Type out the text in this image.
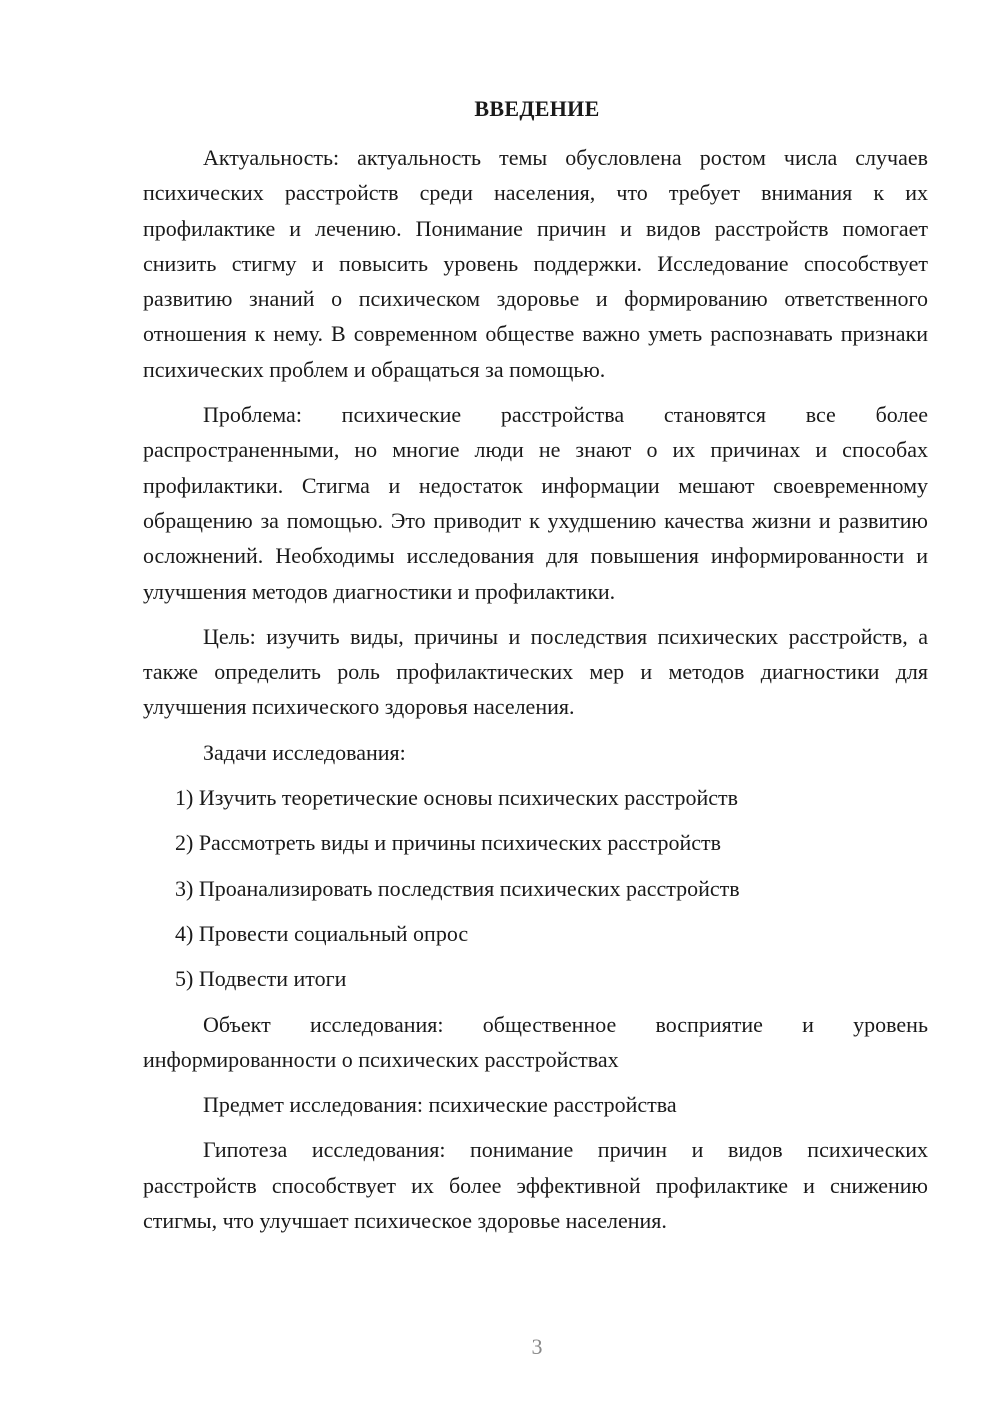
ВВЕДЕНИЕ

Актуальность: актуальность темы обусловлена ростом числа случаев психических расстройств среди населения, что требует внимания к их профилактике и лечению. Понимание причин и видов расстройств помогает снизить стигму и повысить уровень поддержки. Исследование способствует развитию знаний о психическом здоровье и формированию ответственного отношения к нему. В современном обществе важно уметь распознавать признаки психических проблем и обращаться за помощью.

Проблема: психические расстройства становятся все более распространенными, но многие люди не знают о их причинах и способах профилактики. Стигма и недостаток информации мешают своевременному обращению за помощью. Это приводит к ухудшению качества жизни и развитию осложнений. Необходимы исследования для повышения информированности и улучшения методов диагностики и профилактики.

Цель: изучить виды, причины и последствия психических расстройств, а также определить роль профилактических мер и методов диагностики для улучшения психического здоровья населения.

Задачи исследования:

1) Изучить теоретические основы психических расстройств

2) Рассмотреть виды и причины психических расстройств

3) Проанализировать последствия психических расстройств

4) Провести социальный опрос

5) Подвести итоги

Объект исследования: общественное восприятие и уровень информированности о психических расстройствах

Предмет исследования: психические расстройства

Гипотеза исследования: понимание причин и видов психических расстройств способствует их более эффективной профилактике и снижению стигмы, что улучшает психическое здоровье населения.

3
